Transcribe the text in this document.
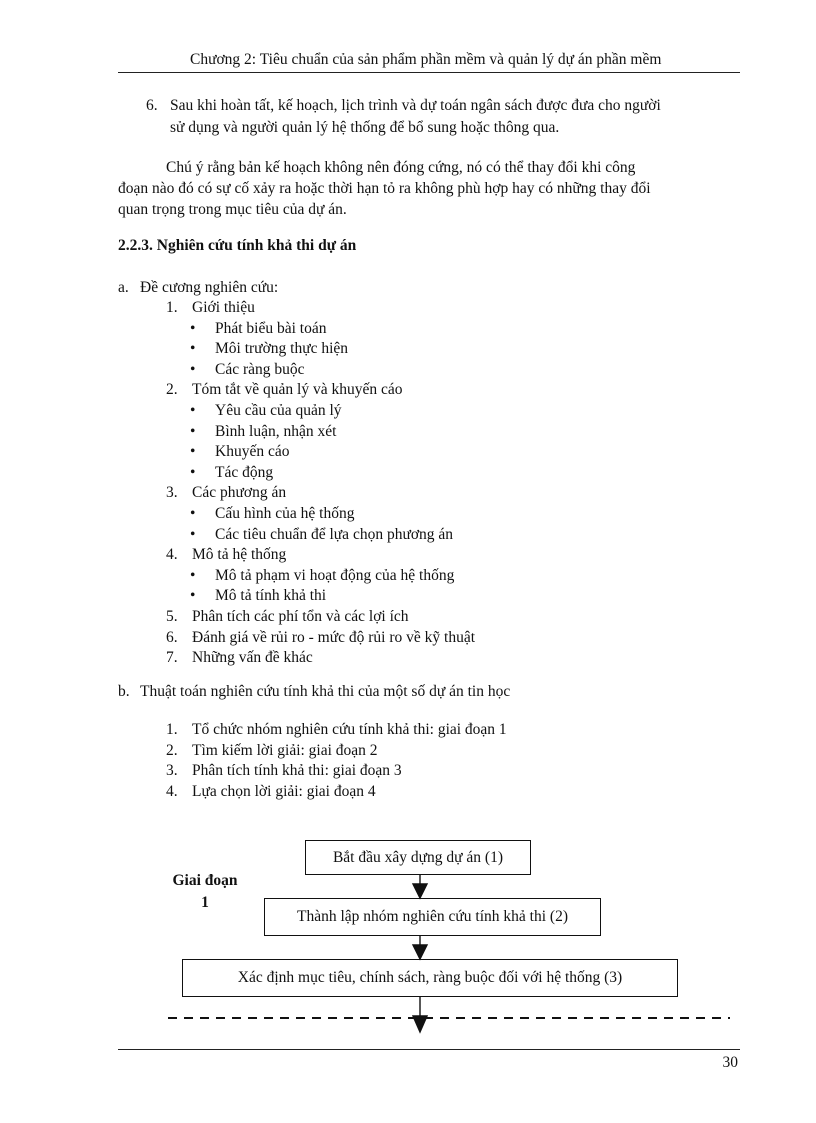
Chương 2: Tiêu chuẩn của sản phẩm phần mềm và quản lý dự án phần mềm
6. Sau khi hoàn tất, kế hoạch, lịch trình và dự toán ngân sách được đưa cho người
sử dụng và người quản lý hệ thống để bổ sung hoặc thông qua.
Chú ý rằng bản kế hoạch không nên đóng cứng, nó có thể thay đổi khi công
đoạn nào đó có sự cố xảy ra hoặc thời hạn tỏ ra không phù hợp hay có những thay đổi
quan trọng trong mục tiêu của dự án.
2.2.3. Nghiên cứu tính khả thi dự án
a. Đề cương nghiên cứu:
1. Giới thiệu
• Phát biểu bài toán
• Môi trường thực hiện
• Các ràng buộc
2. Tóm tắt về quản lý và khuyến cáo
• Yêu cầu của quản lý
• Bình luận, nhận xét
• Khuyến cáo
• Tác động
3. Các phương án
• Cấu hình của hệ thống
• Các tiêu chuẩn để lựa chọn phương án
4. Mô tả hệ thống
• Mô tả phạm vi hoạt động của hệ thống
• Mô tả tính khả thi
5. Phân tích các phí tổn và các lợi ích
6. Đánh giá về rủi ro - mức độ rủi ro về kỹ thuật
7. Những vấn đề khác
b. Thuật toán nghiên cứu tính khả thi của một số dự án tin học
1. Tổ chức nhóm nghiên cứu tính khả thi: giai đoạn 1
2. Tìm kiếm lời giải: giai đoạn 2
3. Phân tích tính khả thi: giai đoạn 3
4. Lựa chọn lời giải: giai đoạn 4
Giai đoạn
1
Bắt đầu xây dựng dự án (1)
Thành lập nhóm nghiên cứu tính khả thi (2)
Xác định mục tiêu, chính sách, ràng buộc đối với hệ thống (3)
30
